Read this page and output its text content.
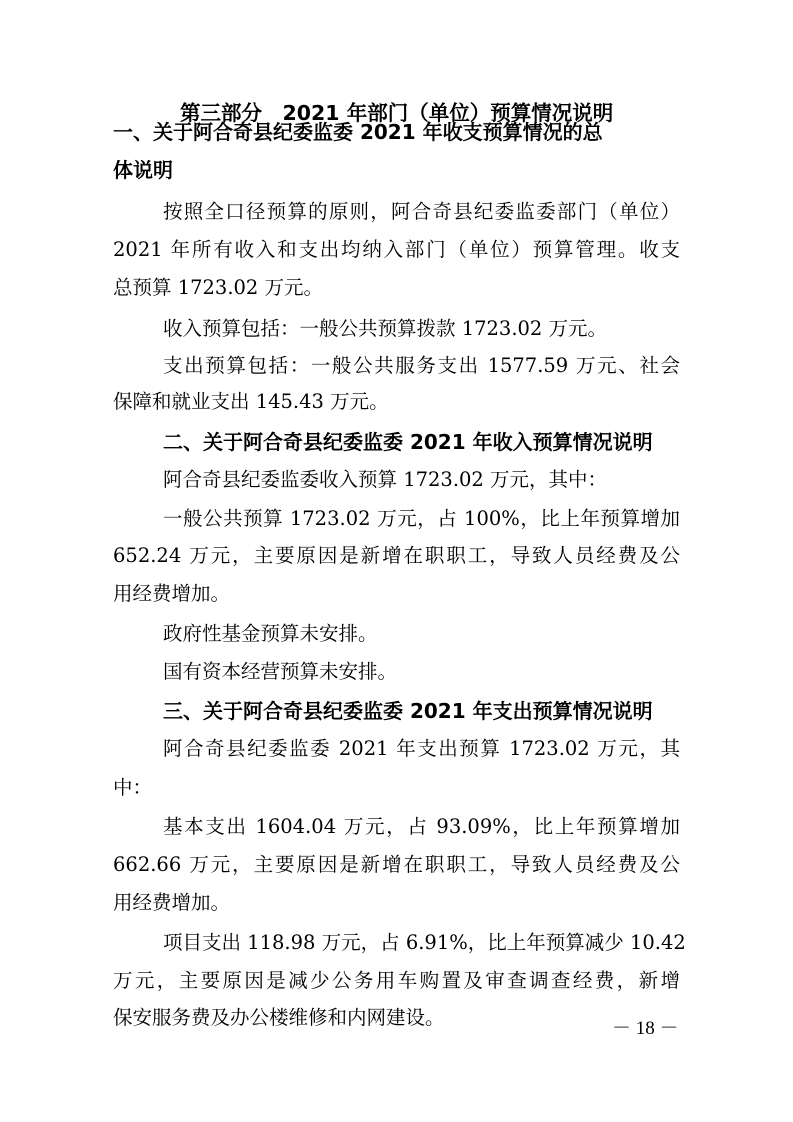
第三部分　2021 年部门（单位）预算情况说明
一、关于阿合奇县纪委监委 2021 年收支预算情况的总
体说明
按照全口径预算的原则，阿合奇县纪委监委部门（单位）
2021 年所有收入和支出均纳入部门（单位）预算管理。收支
总预算 1723.02 万元。
收入预算包括：一般公共预算拨款 1723.02 万元。
支出预算包括：一般公共服务支出 1577.59 万元、社会
保障和就业支出 145.43 万元。
二、关于阿合奇县纪委监委 2021 年收入预算情况说明
阿合奇县纪委监委收入预算 1723.02 万元，其中：
一般公共预算 1723.02 万元，占 100%，比上年预算增加
652.24 万元，主要原因是新增在职职工，导致人员经费及公
用经费增加。
政府性基金预算未安排。
国有资本经营预算未安排。
三、关于阿合奇县纪委监委 2021 年支出预算情况说明
阿合奇县纪委监委 2021 年支出预算 1723.02 万元，其
中：
基本支出 1604.04 万元，占 93.09%，比上年预算增加
662.66 万元，主要原因是新增在职职工，导致人员经费及公
用经费增加。
项目支出 118.98 万元，占 6.91%，比上年预算减少 10.42
万元，主要原因是减少公务用车购置及审查调查经费，新增
保安服务费及办公楼维修和内网建设。	－ 18 －
